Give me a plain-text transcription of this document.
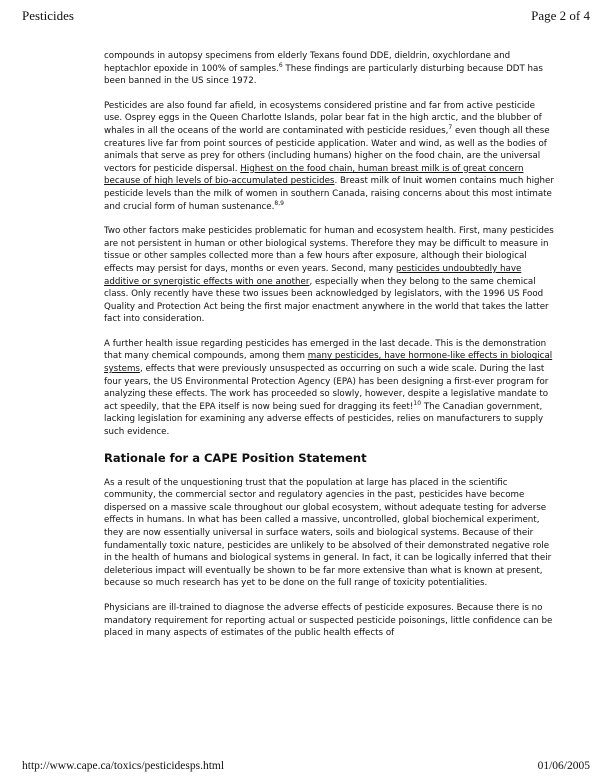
Pesticides	Page 2 of 4

compounds in autopsy specimens from elderly Texans found DDE, dieldrin, oxychlordane and heptachlor epoxide in 100% of samples.$^6$ These findings are particularly disturbing because DDT has been banned in the US since 1972.

Pesticides are also found far afield, in ecosystems considered pristine and far from active pesticide use. Osprey eggs in the Queen Charlotte Islands, polar bear fat in the high arctic, and the blubber of whales in all the oceans of the world are contaminated with pesticide residues,$^7$ even though all these creatures live far from point sources of pesticide application. Water and wind, as well as the bodies of animals that serve as prey for others (including humans) higher on the food chain, are the universal vectors for pesticide dispersal. Highest on the food chain, human breast milk is of great concern because of high levels of bio-accumulated pesticides. Breast milk of Inuit women contains much higher pesticide levels than the milk of women in southern Canada, raising concerns about this most intimate and crucial form of human sustenance.$^{8,9}$

Two other factors make pesticides problematic for human and ecosystem health. First, many pesticides are not persistent in human or other biological systems. Therefore they may be difficult to measure in tissue or other samples collected more than a few hours after exposure, although their biological effects may persist for days, months or even years. Second, many pesticides undoubtedly have additive or synergistic effects with one another, especially when they belong to the same chemical class. Only recently have these two issues been acknowledged by legislators, with the 1996 US Food Quality and Protection Act being the first major enactment anywhere in the world that takes the latter fact into consideration.

A further health issue regarding pesticides has emerged in the last decade. This is the demonstration that many chemical compounds, among them many pesticides, have hormone-like effects in biological systems, effects that were previously unsuspected as occurring on such a wide scale. During the last four years, the US Environmental Protection Agency (EPA) has been designing a first-ever program for analyzing these effects. The work has proceeded so slowly, however, despite a legislative mandate to act speedily, that the EPA itself is now being sued for dragging its feet!$^{10}$ The Canadian government, lacking legislation for examining any adverse effects of pesticides, relies on manufacturers to supply such evidence.

Rationale for a CAPE Position Statement

As a result of the unquestioning trust that the population at large has placed in the scientific community, the commercial sector and regulatory agencies in the past, pesticides have become dispersed on a massive scale throughout our global ecosystem, without adequate testing for adverse effects in humans. In what has been called a massive, uncontrolled, global biochemical experiment, they are now essentially universal in surface waters, soils and biological systems. Because of their fundamentally toxic nature, pesticides are unlikely to be absolved of their demonstrated negative role in the health of humans and biological systems in general. In fact, it can be logically inferred that their deleterious impact will eventually be shown to be far more extensive than what is known at present, because so much research has yet to be done on the full range of toxicity potentialities.

Physicians are ill-trained to diagnose the adverse effects of pesticide exposures. Because there is no mandatory requirement for reporting actual or suspected pesticide poisonings, little confidence can be placed in many aspects of estimates of the public health effects of

http://www.cape.ca/toxics/pesticidesps.html	01/06/2005
